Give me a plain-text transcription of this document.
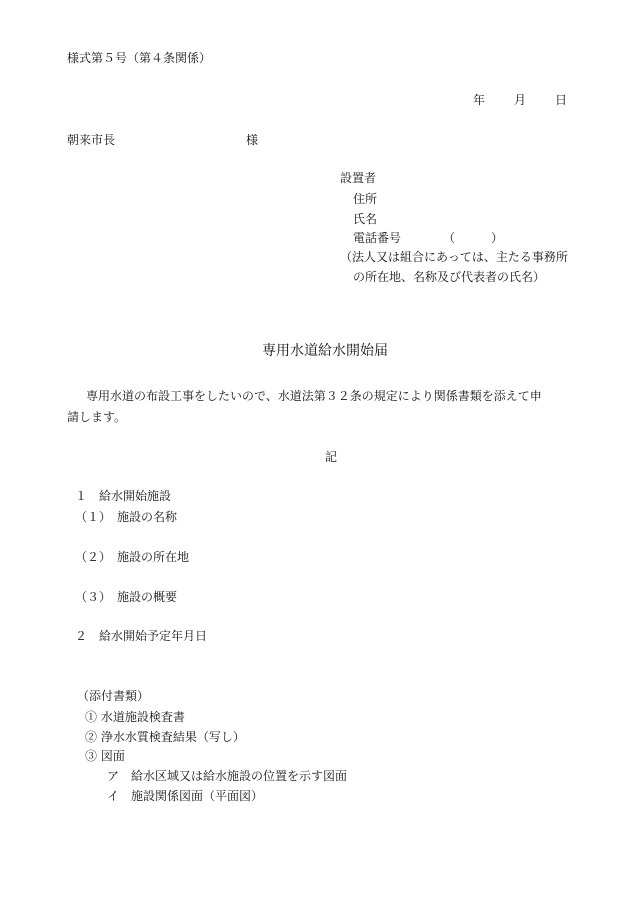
様式第５号（第４条関係）
年 月 日
朝来市長	様
設置者
住所
氏名
電話番号	（　　　）
（法人又は組合にあっては、主たる事務所
の所在地、名称及び代表者の氏名）
専用水道給水開始届
専用水道の布設工事をしたいので、水道法第３２条の規定により関係書類を添えて申
請します。
記
１　給水開始施設
（１）　施設の名称
（２）　施設の所在地
（３）　施設の概要
２　給水開始予定年月日
（添付書類）
① 水道施設検査書
② 浄水水質検査結果（写し）
③ 図面
ア　給水区域又は給水施設の位置を示す図面
イ　施設関係図面（平面図）
